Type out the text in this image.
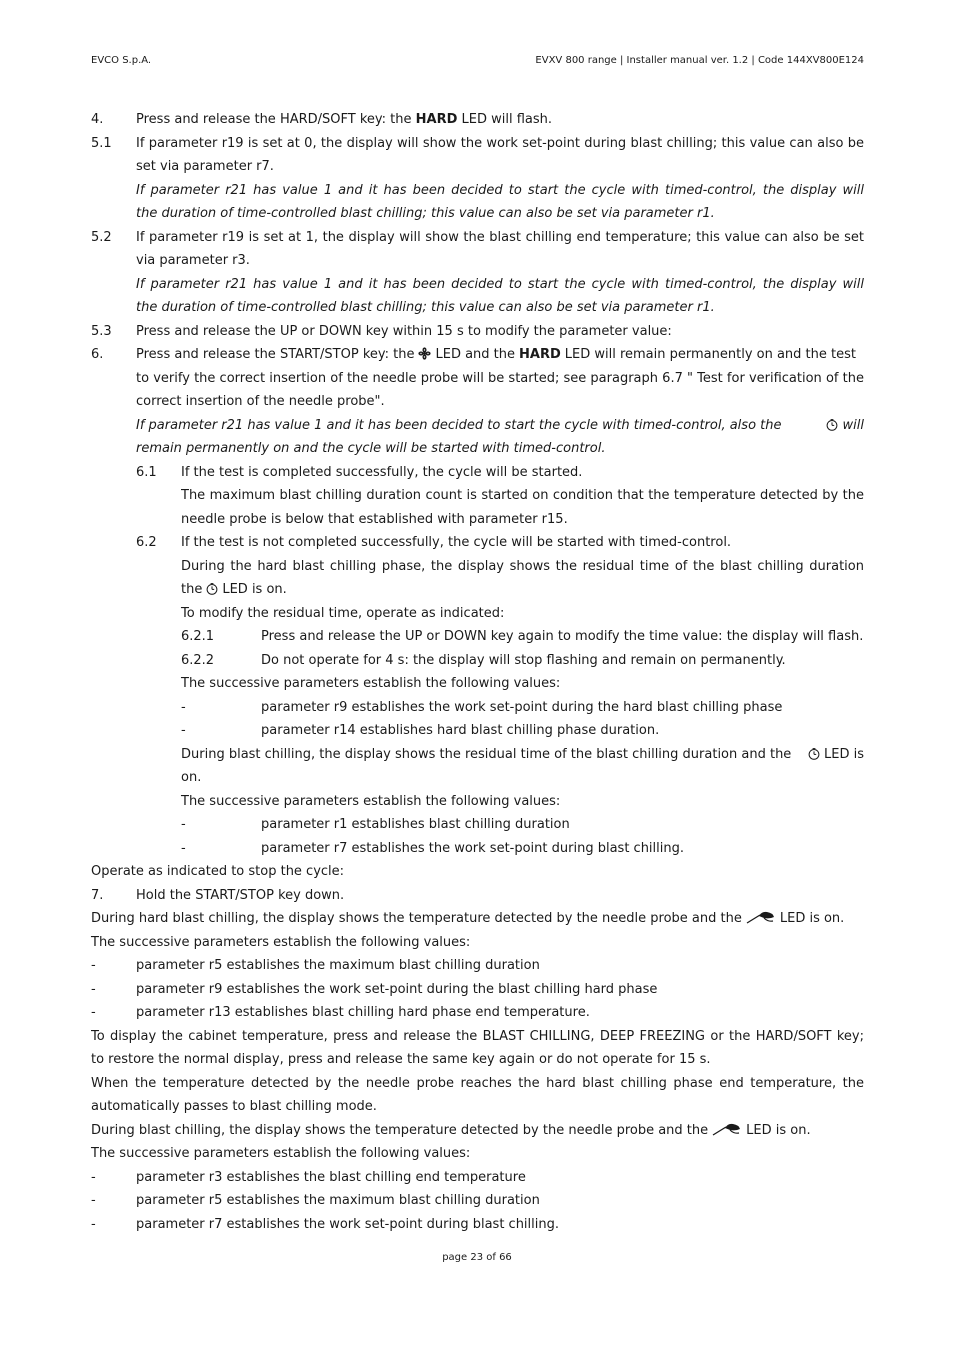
EVCO S.p.A.	EVXV 800 range | Installer manual ver. 1.2 | Code 144XV800E124
4.	Press and release the HARD/SOFT key: the HARD LED will flash.
5.1 If parameter r19 is set at 0, the display will show the work set-point during blast chilling; this value can also be
set via parameter r7.
If parameter r21 has value 1 and it has been decided to start the cycle with timed-control, the display will
the duration of time-controlled blast chilling; this value can also be set via parameter r1.
5.2 If parameter r19 is set at 1, the display will show the blast chilling end temperature; this value can also be set
via parameter r3.
If parameter r21 has value 1 and it has been decided to start the cycle with timed-control, the display will
the duration of time-controlled blast chilling; this value can also be set via parameter r1.
5.3 Press and release the UP or DOWN key within 15 s to modify the parameter value:
6.	Press and release the START/STOP key: the LED and the HARD LED will remain permanently on and the test
to verify the correct insertion of the needle probe will be started; see paragraph 6.7 " Test for verification of the
correct insertion of the needle probe".
If parameter r21 has value 1 and it has been decided to start the cycle with timed-control, also the	will
remain permanently on and the cycle will be started with timed-control.
6.1 If the test is completed successfully, the cycle will be started.
The maximum blast chilling duration count is started on condition that the temperature detected by the
needle probe is below that established with parameter r15.
6.2 If the test is not completed successfully, the cycle will be started with timed-control.
During the hard blast chilling phase, the display shows the residual time of the blast chilling duration
the LED is on.
To modify the residual time, operate as indicated:
6.2.1	Press and release the UP or DOWN key again to modify the time value: the display will flash.
6.2.2	Do not operate for 4 s: the display will stop flashing and remain on permanently.
The successive parameters establish the following values:
-	parameter r9 establishes the work set-point during the hard blast chilling phase
-	parameter r14 establishes hard blast chilling phase duration.
During blast chilling, the display shows the residual time of the blast chilling duration and the	LED is
on.
The successive parameters establish the following values:
-	parameter r1 establishes blast chilling duration
-	parameter r7 establishes the work set-point during blast chilling.
Operate as indicated to stop the cycle:
7.	Hold the START/STOP key down.
During hard blast chilling, the display shows the temperature detected by the needle probe and the	LED is on.
The successive parameters establish the following values:
-	parameter r5 establishes the maximum blast chilling duration
-	parameter r9 establishes the work set-point during the blast chilling hard phase
-	parameter r13 establishes blast chilling hard phase end temperature.
To display the cabinet temperature, press and release the BLAST CHILLING, DEEP FREEZING or the HARD/SOFT key;
to restore the normal display, press and release the same key again or do not operate for 15 s.
When the temperature detected by the needle probe reaches the hard blast chilling phase end temperature, the
automatically passes to blast chilling mode.
During blast chilling, the display shows the temperature detected by the needle probe and the	LED is on.
The successive parameters establish the following values:
-	parameter r3 establishes the blast chilling end temperature
-	parameter r5 establishes the maximum blast chilling duration
-	parameter r7 establishes the work set-point during blast chilling.
page 23 of 66
